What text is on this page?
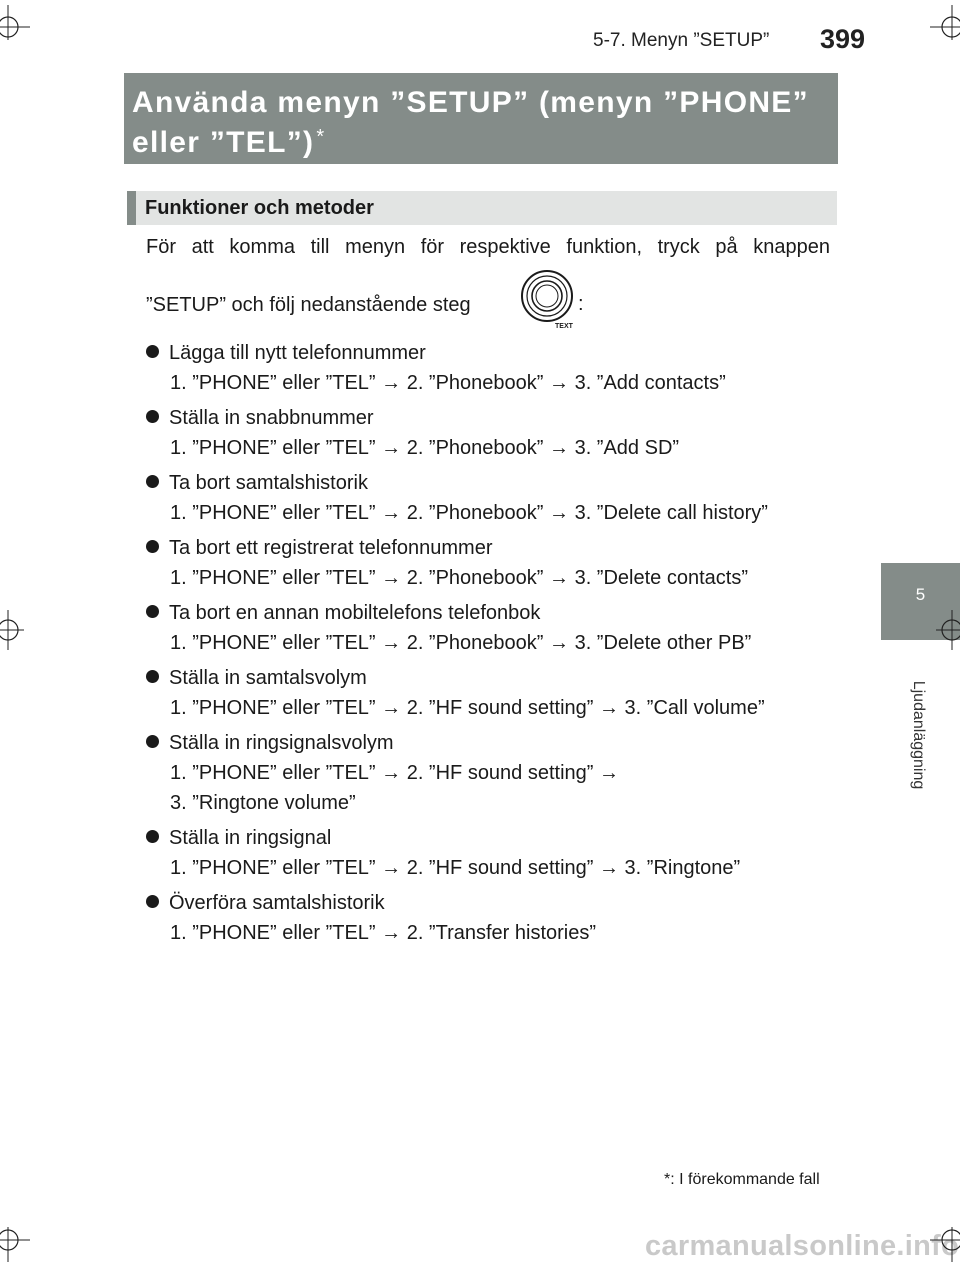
5-7. Menyn ”SETUP” 399
Använda menyn ”SETUP” (menyn ”PHONE”
eller ”TEL”) *
Funktioner och metoder
För att komma till menyn för respektive funktion, tryck på knappen
”SETUP” och följ nedanstående steg
TEXT
:
Lägga till nytt telefonnummer
1. ”PHONE” eller ”TEL” → 2. ”Phonebook” → 3. ”Add contacts”
Ställa in snabbnummer
1. ”PHONE” eller ”TEL” → 2. ”Phonebook” → 3. ”Add SD”
Ta bort samtalshistorik
1. ”PHONE” eller ”TEL” → 2. ”Phonebook” → 3. ”Delete call history”
Ta bort ett registrerat telefonnummer
1. ”PHONE” eller ”TEL” → 2. ”Phonebook” → 3. ”Delete contacts”
Ta bort en annan mobiltelefons telefonbok
1. ”PHONE” eller ”TEL” → 2. ”Phonebook” → 3. ”Delete other PB”
Ställa in samtalsvolym
1. ”PHONE” eller ”TEL” → 2. ”HF sound setting” → 3. ”Call volume”
Ställa in ringsignalsvolym
1. ”PHONE” eller ”TEL” → 2. ”HF sound setting” →
3. ”Ringtone volume”
Ställa in ringsignal
1. ”PHONE” eller ”TEL” → 2. ”HF sound setting” → 3. ”Ringtone”
Överföra samtalshistorik
1. ”PHONE” eller ”TEL” → 2. ”Transfer histories”
5
Ljudanläggning
*: I förekommande fall
carmanualsonline.info
